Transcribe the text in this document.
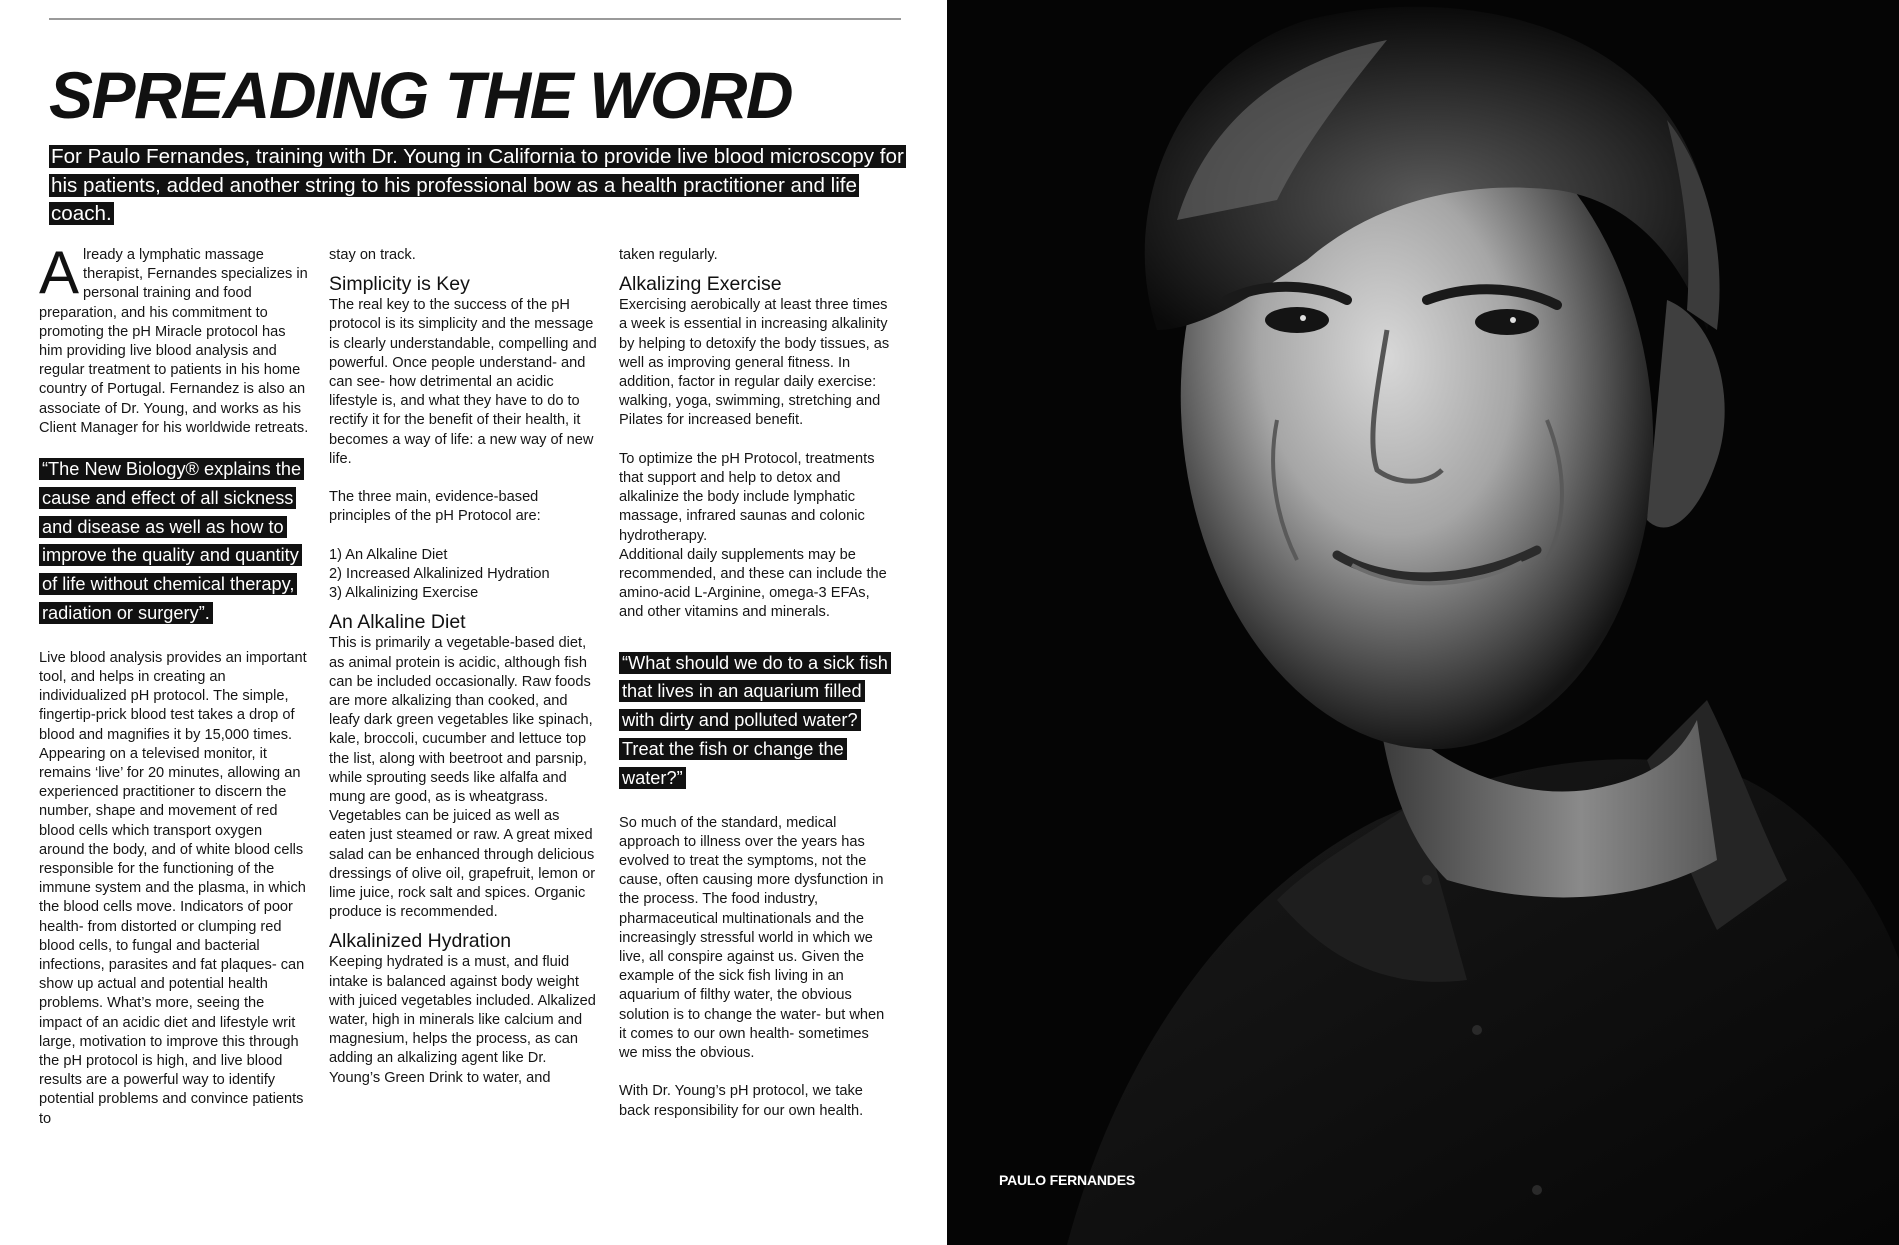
SPREADING THE WORD

For Paulo Fernandes, training with Dr. Young in California to provide live blood microscopy for his patients, added another string to his professional bow as a health practitioner and life coach.

Already a lymphatic massage therapist, Fernandes specializes in personal training and food preparation, and his commitment to promoting the pH Miracle protocol has him providing live blood analysis and regular treatment to patients in his home country of Portugal. Fernandez is also an associate of Dr. Young, and works as his Client Manager for his worldwide retreats.

“The New Biology® explains the cause and effect of all sickness and disease as well as how to improve the quality and quantity of life without chemical therapy, radiation or surgery”.

Live blood analysis provides an important tool, and helps in creating an individualized pH protocol. The simple, fingertip-prick blood test takes a drop of blood and magnifies it by 15,000 times. Appearing on a televised monitor, it remains ‘live’ for 20 minutes, allowing an experienced practitioner to discern the number, shape and movement of red blood cells which transport oxygen around the body, and of white blood cells responsible for the functioning of the immune system and the plasma, in which the blood cells move. Indicators of poor health- from distorted or clumping red blood cells, to fungal and bacterial infections, parasites and fat plaques- can show up actual and potential health problems. What’s more, seeing the impact of an acidic diet and lifestyle writ large, motivation to improve this through the pH protocol is high, and live blood results are a powerful way to identify potential problems and convince patients to

stay on track.

Simplicity is Key

The real key to the success of the pH protocol is its simplicity and the message is clearly understandable, compelling and powerful. Once people understand- and can see- how detrimental an acidic lifestyle is, and what they have to do to rectify it for the benefit of their health, it becomes a way of life: a new way of new life.

The three main, evidence-based principles of the pH Protocol are:

1) An Alkaline Diet

2) Increased Alkalinized Hydration

3) Alkalinizing Exercise

An Alkaline Diet

This is primarily a vegetable-based diet, as animal protein is acidic, although fish can be included occasionally. Raw foods are more alkalizing than cooked, and leafy dark green vegetables like spinach, kale, broccoli, cucumber and lettuce top the list, along with beetroot and parsnip, while sprouting seeds like alfalfa and mung are good, as is wheatgrass. Vegetables can be juiced as well as eaten just steamed or raw. A great mixed salad can be enhanced through delicious dressings of olive oil, grapefruit, lemon or lime juice, rock salt and spices. Organic produce is recommended.

Alkalinized Hydration

Keeping hydrated is a must, and fluid intake is balanced against body weight with juiced vegetables included. Alkalized water, high in minerals like calcium and magnesium, helps the process, as can adding an alkalizing agent like Dr. Young’s Green Drink to water, and

taken regularly.

Alkalizing Exercise

Exercising aerobically at least three times a week is essential in increasing alkalinity by helping to detoxify the body tissues, as well as improving general fitness. In addition, factor in regular daily exercise: walking, yoga, swimming, stretching and Pilates for increased benefit.

To optimize the pH Protocol, treatments that support and help to detox and alkalinize the body include lymphatic massage, infrared saunas and colonic hydrotherapy.

Additional daily supplements may be recommended, and these can include the amino-acid L-Arginine, omega-3 EFAs, and other vitamins and minerals.

“What should we do to a sick fish that lives in an aquarium filled with dirty and polluted water? Treat the fish or change the water?”

So much of the standard, medical approach to illness over the years has evolved to treat the symptoms, not the cause, often causing more dysfunction in the process. The food industry, pharmaceutical multinationals and the increasingly stressful world in which we live, all conspire against us. Given the example of the sick fish living in an aquarium of filthy water, the obvious solution is to change the water- but when it comes to our own health- sometimes we miss the obvious.

With Dr. Young’s pH protocol, we take back responsibility for our own health.

PAULO FERNANDES
